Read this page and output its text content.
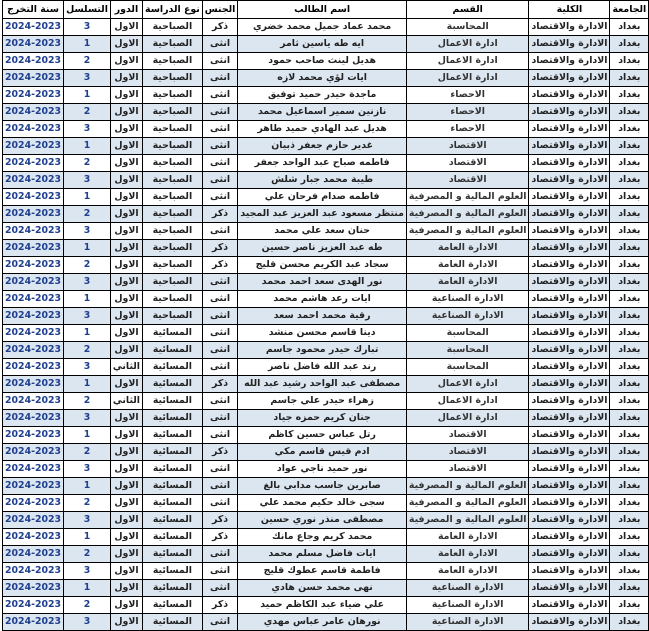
الجامعة	الكلية	القسم	اسم الطالب	الجنس	نوع الدراسة	الدور	التسلسل	سنة التخرج
بغداد	الادارة والاقتصاد	المحاسبة	محمد عماد جميل محمد خضري	ذكر	الصباحية	الاول	3	2024-2023
بغداد	الادارة والاقتصاد	ادارة الاعمال	ايه طه ياسين ثامر	انثى	الصباحية	الاول	1	2024-2023
بغداد	الادارة والاقتصاد	ادارة الاعمال	هديل لينث صاحب حمود	انثى	الصباحية	الاول	2	2024-2023
بغداد	الادارة والاقتصاد	ادارة الاعمال	ايات لؤي محمد لازه	انثى	الصباحية	الاول	3	2024-2023
بغداد	الادارة والاقتصاد	الاحصاء	ماجدة حيدر حميد توفيق	انثى	الصباحية	الاول	1	2024-2023
بغداد	الادارة والاقتصاد	الاحصاء	نازنين سمير اسماعيل محمد	انثى	الصباحية	الاول	2	2024-2023
بغداد	الادارة والاقتصاد	الاحصاء	هديل عبد الهادي حميد طاهر	انثى	الصباحية	الاول	3	2024-2023
بغداد	الادارة والاقتصاد	الاقتصاد	غدير حازم جعفر ذبيان	انثى	الصباحية	الاول	1	2024-2023
بغداد	الادارة والاقتصاد	الاقتصاد	فاطمه صباح عبد الواحد جعفر	انثى	الصباحية	الاول	2	2024-2023
بغداد	الادارة والاقتصاد	الاقتصاد	طيبة محمد جبار شلش	انثى	الصباحية	الاول	3	2024-2023
بغداد	الادارة والاقتصاد	العلوم المالية و المصرفية	فاطمه صدام فرحان علي	انثى	الصباحية	الاول	1	2024-2023
بغداد	الادارة والاقتصاد	العلوم المالية و المصرفية	منتظر مسعود عبد العزيز عبد المجيد	ذكر	الصباحية	الاول	2	2024-2023
بغداد	الادارة والاقتصاد	العلوم المالية و المصرفية	حنان سعد علي محمد	انثى	الصباحية	الاول	3	2024-2023
بغداد	الادارة والاقتصاد	الادارة العامة	طه عبد العزيز ناصر حسين	ذكر	الصباحية	الاول	1	2024-2023
بغداد	الادارة والاقتصاد	الادارة العامة	سجاد عبد الكريم محسن قليج	ذكر	الصباحية	الاول	2	2024-2023
بغداد	الادارة والاقتصاد	الادارة العامة	نور الهدى سعد احمد محمد	انثى	الصباحية	الاول	3	2024-2023
بغداد	الادارة والاقتصاد	الادارة الصناعية	ايات رعد هاشم محمد	انثى	الصباحية	الاول	1	2024-2023
بغداد	الادارة والاقتصاد	الادارة الصناعية	رقية محمد احمد سعد	انثى	الصباحية	الاول	3	2024-2023
بغداد	الادارة والاقتصاد	المحاسبة	دينا قاسم محسن منشد	انثى	المسائية	الاول	1	2024-2023
بغداد	الادارة والاقتصاد	المحاسبة	تبارك حيدر محمود جاسم	انثى	المسائية	الاول	2	2024-2023
بغداد	الادارة والاقتصاد	المحاسبة	رند عبد الله فاضل ناصر	انثى	المسائية	الثاني	3	2024-2023
بغداد	الادارة والاقتصاد	ادارة الاعمال	مصطفى عبد الواحد رشيد عبد الله	ذكر	المسائية	الاول	1	2024-2023
بغداد	الادارة والاقتصاد	ادارة الاعمال	زهراء حيدر علي جاسم	انثى	المسائية	الثاني	2	2024-2023
بغداد	الادارة والاقتصاد	ادارة الاعمال	جنان كريم حمزه جياد	انثى	المسائية	الاول	3	2024-2023
بغداد	الادارة والاقتصاد	الاقتصاد	رتل عباس حسين كاظم	انثى	المسائية	الاول	1	2024-2023
بغداد	الادارة والاقتصاد	الاقتصاد	ادم قيس قاسم مكي	ذكر	المسائية	الاول	2	2024-2023
بغداد	الادارة والاقتصاد	الاقتصاد	نور حميد ناجي عواد	انثى	المسائية	الاول	3	2024-2023
بغداد	الادارة والاقتصاد	العلوم المالية و المصرفية	صابرين جاسب مدابي بالغ	انثى	المسائية	الاول	1	2024-2023
بغداد	الادارة والاقتصاد	العلوم المالية و المصرفية	سجى خالد حكيم محمد علي	انثى	المسائية	الاول	2	2024-2023
بغداد	الادارة والاقتصاد	العلوم المالية و المصرفية	مصطفى منذر نوري حسين	ذكر	المسائية	الاول	3	2024-2023
بغداد	الادارة والاقتصاد	الادارة العامة	محمد كريم وجاع مانك	ذكر	المسائية	الاول	1	2024-2023
بغداد	الادارة والاقتصاد	الادارة العامة	ايات فاضل مسلم محمد	انثى	المسائية	الاول	2	2024-2023
بغداد	الادارة والاقتصاد	الادارة العامة	فاطمة قاسم عطوك قليج	انثى	المسائية	الاول	3	2024-2023
بغداد	الادارة والاقتصاد	الادارة الصناعية	نهى محمد حسن هادي	انثى	المسائية	الاول	1	2024-2023
بغداد	الادارة والاقتصاد	الادارة الصناعية	علي ضياء عبد الكاظم حميد	ذكر	المسائية	الاول	2	2024-2023
بغداد	الادارة والاقتصاد	الادارة الصناعية	نورهان عامر عباس مهدي	انثى	المسائية	الاول	3	2024-2023
